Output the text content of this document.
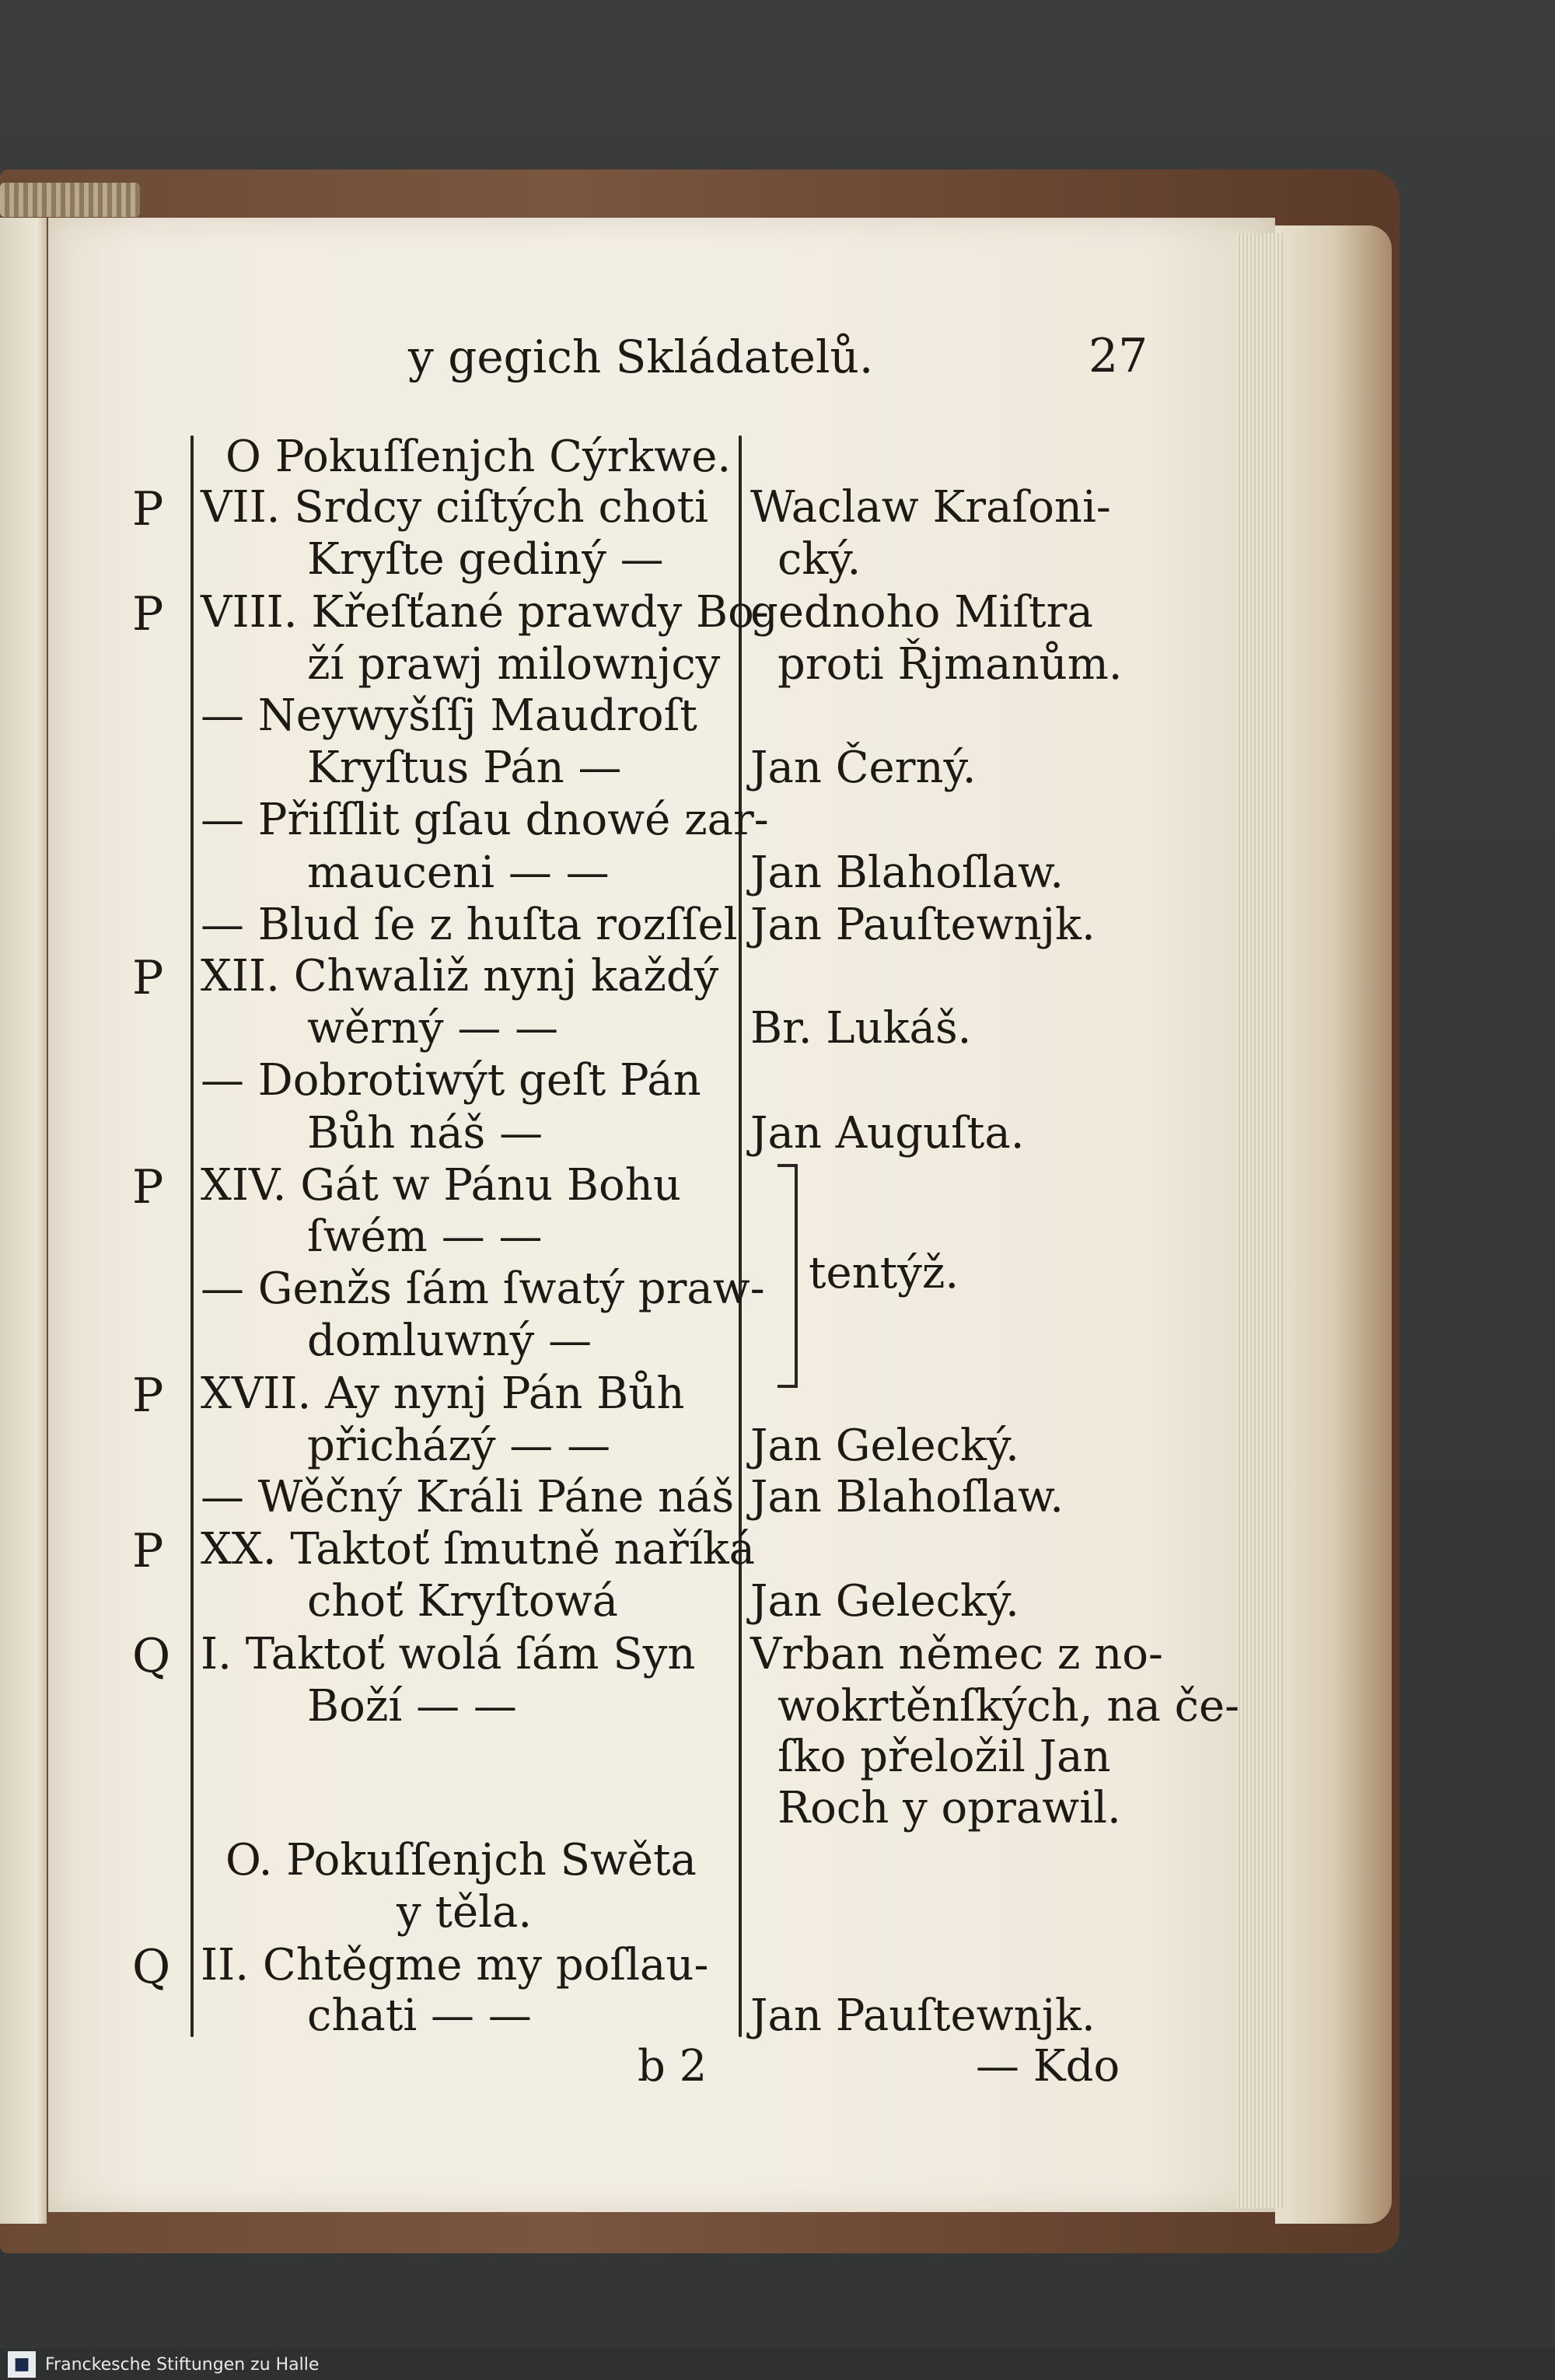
y gegich Skládatelů.	27
O Pokuſſenjch Cýrkwe.
P VII. Srdcy ciſtých choti
Kryſte gediný —
P VIII. Křeſťané prawdy Bo-
ží prawj milownjcy
— Neywyšſſj Maudroſt
Kryſtus Pán —
— Přiſſlit gſau dnowé zar-
mauceni — —
— Blud ſe z huſta rozſſel
P XII. Chwaliž nynj každý
wěrný — —
— Dobrotiwýt geſt Pán
Bůh náš —
P XIV. Gát w Pánu Bohu
ſwém — —
— Genžs ſám ſwatý praw-
domluwný —
P XVII. Ay nynj Pán Bůh
přicházý — —
— Wěčný Králi Páne náš
P XX. Taktoť ſmutně naříká
choť Kryſtowá
Q I. Taktoť wolá ſám Syn
Boží — —
O. Pokuſſenjch Swěta
y těla.
Q II. Chtěgme my poſlau-
chati — —
Waclaw Kraſoni-
cký.
gednoho Miſtra
proti Řjmanům.
Jan Černý.
Jan Blahoſlaw.
Jan Pauſtewnjk.
Br. Lukáš.
Jan Auguſta.
tentýž.
Jan Gelecký.
Jan Blahoſlaw.
Jan Gelecký.
Vrban němec z no-
wokrtěnſkých, na če-
ſko přeložil Jan
Roch y oprawil.
Jan Pauſtewnjk.
b 2	— Kdo
■ Franckesche Stiftungen zu Halle
